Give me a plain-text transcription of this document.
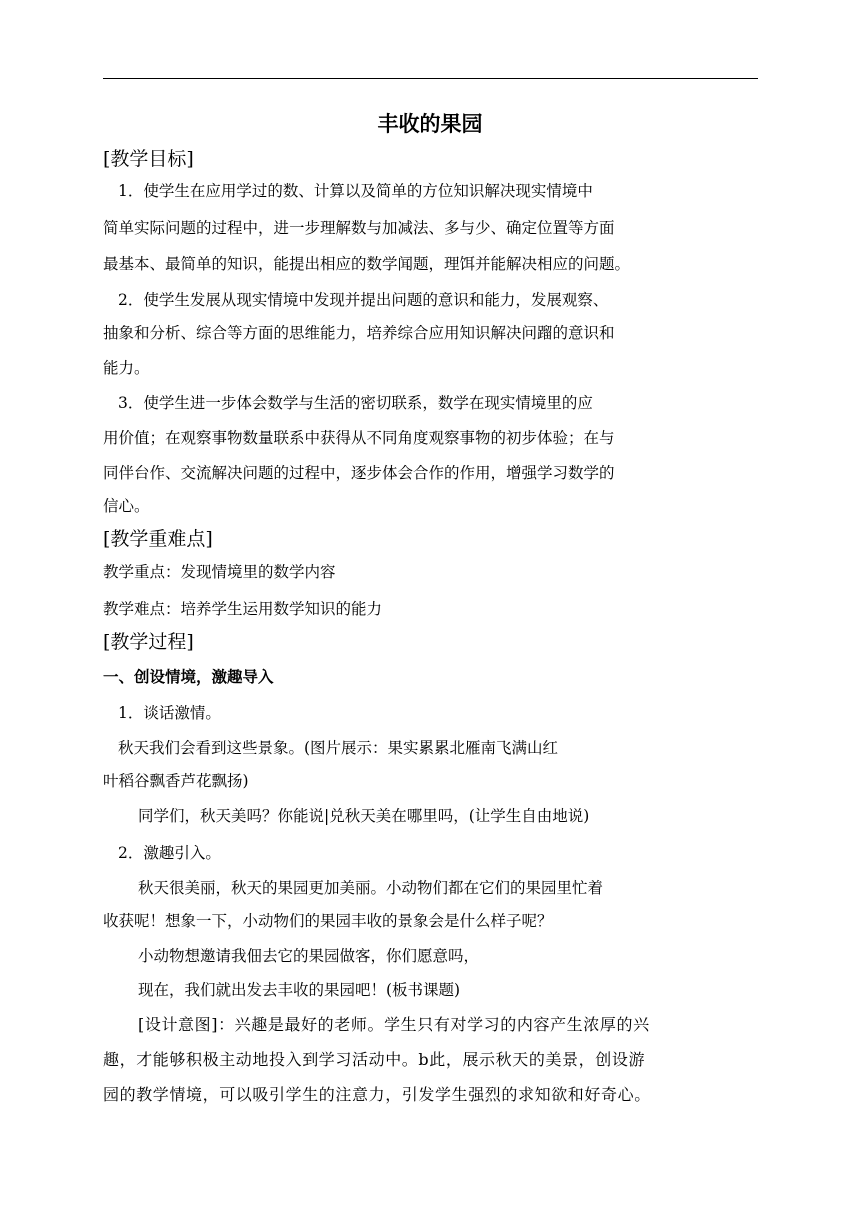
丰收的果园
[教学目标]
1．使学生在应用学过的数、计算以及简单的方位知识解决现实情境中
简单实际问题的过程中，进一步理解数与加减法、多与少、确定位置等方面
最基本、最简单的知识，能提出相应的数学闻题，理饵并能解决相应的问题。
2．使学生发展从现实情境中发现并提出问题的意识和能力，发展观察、
抽象和分析、综合等方面的思维能力，培养综合应用知识解决问蹓的意识和
能力。
3．使学生进一步体会数学与生活的密切联系，数学在现实情境里的应
用价值；在观察事物数量联系中获得从不同角度观察事物的初步体验；在与
同伴台作、交流解决问题的过程中，逐步体会合作的作用，增强学习数学的
信心。
[教学重难点]
教学重点：发现情境里的数学内容
教学难点：培养学生运用数学知识的能力
[教学过程]
一、创设情境，激趣导入
1．谈话激情。
秋天我们会看到这些景象。(图片展示：果实累累北雁南飞满山红
叶稻谷飘香芦花飘扬)
同学们，秋天美吗？你能说|兑秋天美在哪里吗，(让学生自由地说)
2．激趣引入。
秋天很美丽，秋天的果园更加美丽。小动物们都在它们的果园里忙着
收获呢！想象一下，小动物们的果园丰收的景象会是什么样子呢？
小动物想邀请我佃去它的果园做客，你们愿意吗，
现在，我们就出发去丰收的果园吧！(板书课题)
[设计意图]：兴趣是最好的老师。学生只有对学习的内容产生浓厚的兴
趣，才能够积极主动地投入到学习活动中。b此，展示秋天的美景，创设游
园的教学情境，可以吸引学生的注意力，引发学生强烈的求知欲和好奇心。
